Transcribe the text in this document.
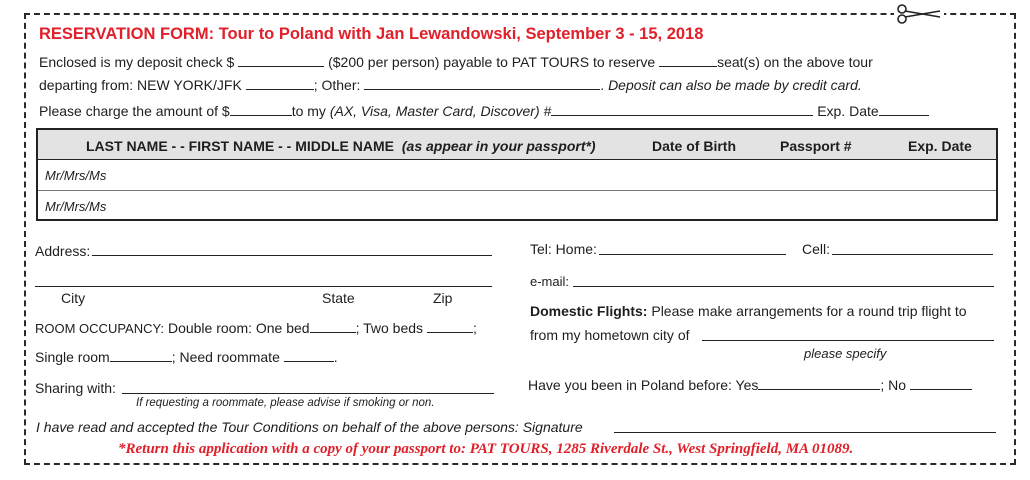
RESERVATION FORM: Tour to Poland with Jan Lewandowski, September 3 - 15, 2018
Enclosed is my deposit check $	($200 per person) payable to PAT TOURS to reserve	seat(s) on the above tour
departing from: NEW YORK/JFK	; Other:	. Deposit can also be made by credit card.
Please charge the amount of $	to my (AX, Visa, Master Card, Discover) #	Exp. Date
LAST NAME - - FIRST NAME - - MIDDLE NAME (as appear in your passport*)	Date of Birth	Passport #	Exp. Date
Mr/Mrs/Ms
Mr/Mrs/Ms
Address:
City	State	Zip
ROOM OCCUPANCY: Double room: One bed	; Two beds	;
Single room	; Need roommate	.
Sharing with:
If requesting a roommate, please advise if smoking or non.
Tel: Home:	Cell:
e-mail:
Domestic Flights: Please make arrangements for a round trip flight to
from my hometown city of
please specify
Have you been in Poland before: Yes	; No
I have read and accepted the Tour Conditions on behalf of the above persons: Signature
*Return this application with a copy of your passport to: PAT TOURS, 1285 Riverdale St., West Springfield, MA 01089.
